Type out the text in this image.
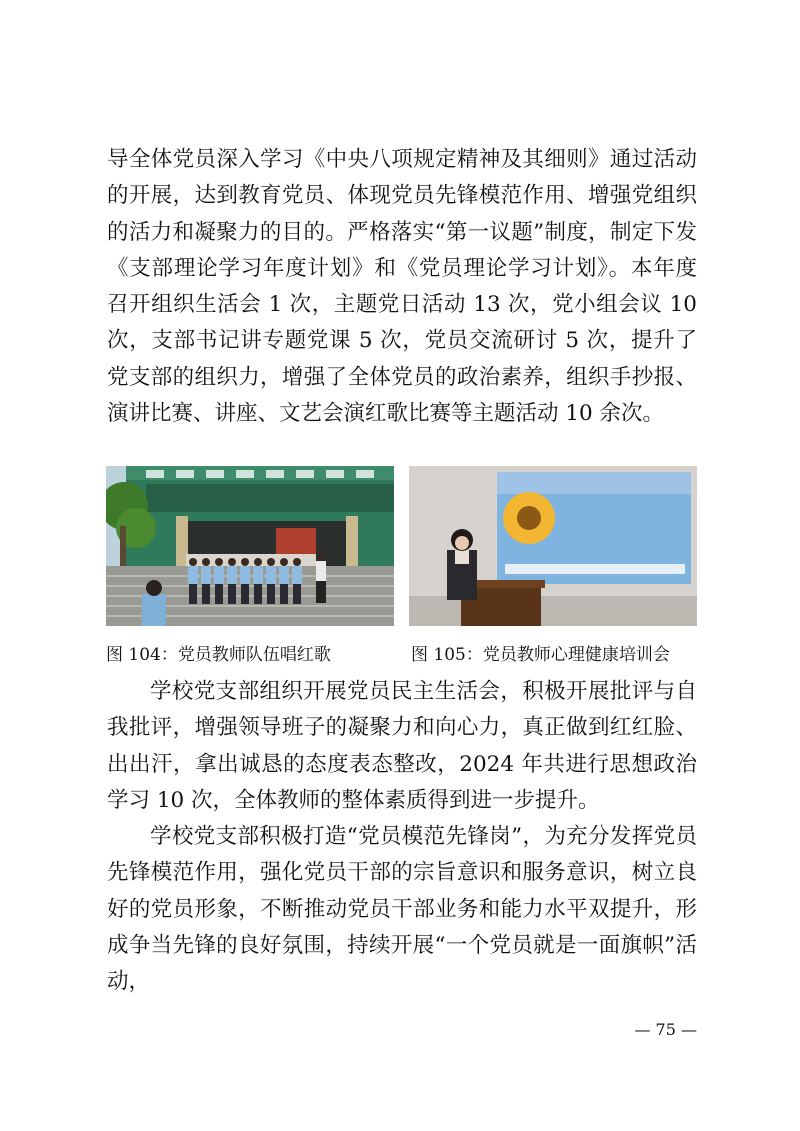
导全体党员深入学习《中央八项规定精神及其细则》通过活动的开展，达到教育党员、体现党员先锋模范作用、增强党组织的活力和凝聚力的目的。严格落实“第一议题”制度，制定下发《支部理论学习年度计划》和《党员理论学习计划》。本年度召开组织生活会 1 次，主题党日活动 13 次，党小组会议 10 次，支部书记讲专题党课 5 次，党员交流研讨 5 次，提升了党支部的组织力，增强了全体党员的政治素养，组织手抄报、演讲比赛、讲座、文艺会演红歌比赛等主题活动 10 余次。

图 104：党员教师队伍唱红歌	图 105：党员教师心理健康培训会

学校党支部组织开展党员民主生活会，积极开展批评与自我批评，增强领导班子的凝聚力和向心力，真正做到红红脸、出出汗，拿出诚恳的态度表态整改，2024 年共进行思想政治学习 10 次，全体教师的整体素质得到进一步提升。

学校党支部积极打造“党员模范先锋岗”，为充分发挥党员先锋模范作用，强化党员干部的宗旨意识和服务意识，树立良好的党员形象，不断推动党员干部业务和能力水平双提升，形成争当先锋的良好氛围，持续开展“一个党员就是一面旗帜”活动，

— 75 —
